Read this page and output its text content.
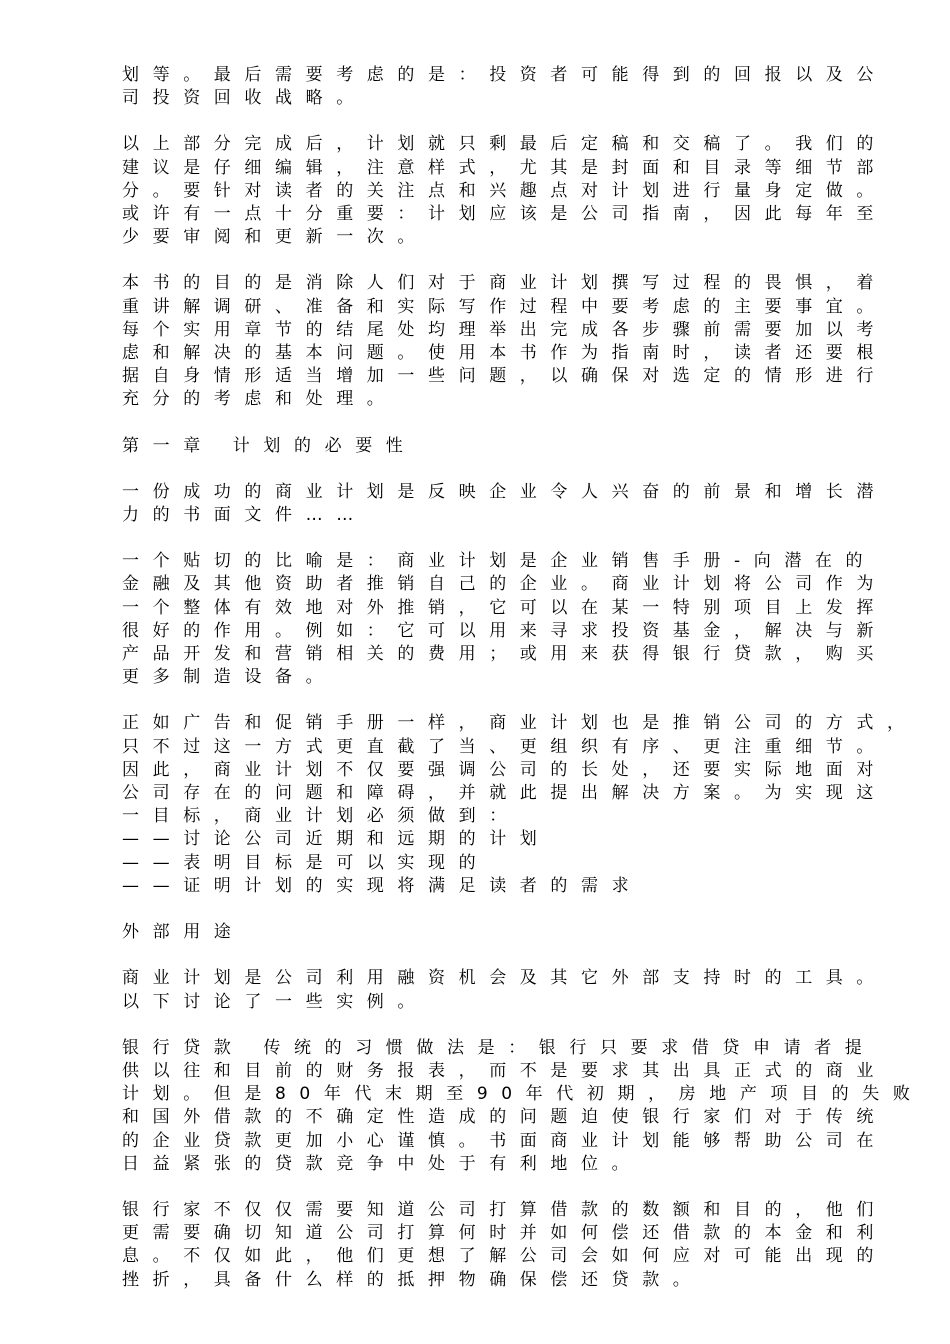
划等。最后需要考虑的是：投资者可能得到的回报以及公
司投资回收战略。
以上部分完成后，计划就只剩最后定稿和交稿了。我们的
建议是仔细编辑，注意样式，尤其是封面和目录等细节部
分。要针对读者的关注点和兴趣点对计划进行量身定做。
或许有一点十分重要：计划应该是公司指南，因此每年至
少要审阅和更新一次。
本书的目的是消除人们对于商业计划撰写过程的畏惧，着
重讲解调研、准备和实际写作过程中要考虑的主要事宜。
每个实用章节的结尾处均理举出完成各步骤前需要加以考
虑和解决的基本问题。使用本书作为指南时，读者还要根
据自身情形适当增加一些问题，以确保对选定的情形进行
充分的考虑和处理。
第一章 计划的必要性
一份成功的商业计划是反映企业令人兴奋的前景和增长潜
力的书面文件……
一个贴切的比喻是：商业计划是企业销售手册-向潜在的
金融及其他资助者推销自己的企业。商业计划将公司作为
一个整体有效地对外推销，它可以在某一特别项目上发挥
很好的作用。例如：它可以用来寻求投资基金，解决与新
产品开发和营销相关的费用；或用来获得银行贷款，购买
更多制造设备。
正如广告和促销手册一样，商业计划也是推销公司的方式，
只不过这一方式更直截了当、更组织有序、更注重细节。
因此，商业计划不仅要强调公司的长处，还要实际地面对
公司存在的问题和障碍，并就此提出解决方案。为实现这
一目标，商业计划必须做到：
——讨论公司近期和远期的计划
——表明目标是可以实现的
——证明计划的实现将满足读者的需求
外部用途
商业计划是公司利用融资机会及其它外部支持时的工具。
以下讨论了一些实例。
银行贷款 传统的习惯做法是：银行只要求借贷申请者提
供以往和目前的财务报表，而不是要求其出具正式的商业
计划。但是80年代末期至90年代初期，房地产项目的失败
和国外借款的不确定性造成的问题迫使银行家们对于传统
的企业贷款更加小心谨慎。书面商业计划能够帮助公司在
日益紧张的贷款竞争中处于有利地位。
银行家不仅仅需要知道公司打算借款的数额和目的，他们
更需要确切知道公司打算何时并如何偿还借款的本金和利
息。不仅如此，他们更想了解公司会如何应对可能出现的
挫折，具备什么样的抵押物确保偿还贷款。
